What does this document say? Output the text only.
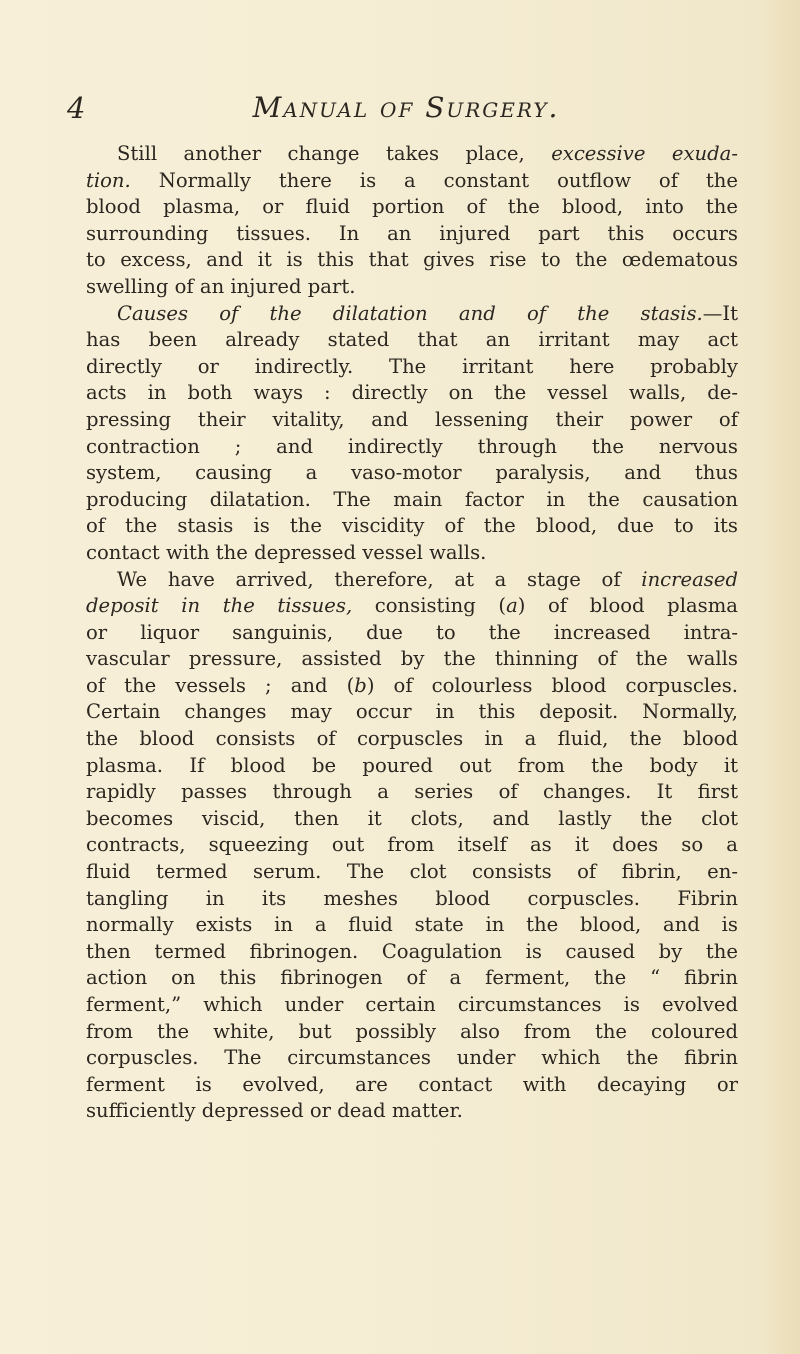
4	Manual of Surgery.
Still another change takes place, excessive exuda-
tion. Normally there is a constant outflow of the
blood plasma, or fluid portion of the blood, into the
surrounding tissues. In an injured part this occurs
to excess, and it is this that gives rise to the œdematous
swelling of an injured part.
Causes of the dilatation and of the stasis.—It
has been already stated that an irritant may act
directly or indirectly. The irritant here probably
acts in both ways : directly on the vessel walls, de-
pressing their vitality, and lessening their power of
contraction ; and indirectly through the nervous
system, causing a vaso-motor paralysis, and thus
producing dilatation. The main factor in the causation
of the stasis is the viscidity of the blood, due to its
contact with the depressed vessel walls.
We have arrived, therefore, at a stage of increased
deposit in the tissues, consisting (a) of blood plasma
or liquor sanguinis, due to the increased intra-
vascular pressure, assisted by the thinning of the walls
of the vessels ; and (b) of colourless blood corpuscles.
Certain changes may occur in this deposit. Normally,
the blood consists of corpuscles in a fluid, the blood
plasma. If blood be poured out from the body it
rapidly passes through a series of changes. It first
becomes viscid, then it clots, and lastly the clot
contracts, squeezing out from itself as it does so a
fluid termed serum. The clot consists of fibrin, en-
tangling in its meshes blood corpuscles. Fibrin
normally exists in a fluid state in the blood, and is
then termed fibrinogen. Coagulation is caused by the
action on this fibrinogen of a ferment, the “ fibrin
ferment,” which under certain circumstances is evolved
from the white, but possibly also from the coloured
corpuscles. The circumstances under which the fibrin
ferment is evolved, are contact with decaying or
sufficiently depressed or dead matter.
